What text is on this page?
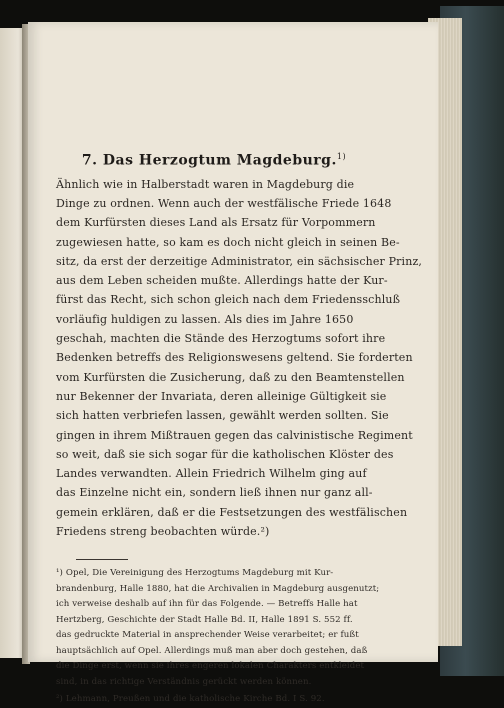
7. Das Herzogtum Magdeburg.$^{1)}$
Ähnlich wie in Halberstadt waren in Magdeburg die
Dinge zu ordnen. Wenn auch der westfälische Friede 1648
dem Kurfürsten dieses Land als Ersatz für Vorpommern
zugewiesen hatte, so kam es doch nicht gleich in seinen Be-
sitz, da erst der derzeitige Administrator, ein sächsischer Prinz,
aus dem Leben scheiden mußte. Allerdings hatte der Kur-
fürst das Recht, sich schon gleich nach dem Friedensschluß
vorläufig huldigen zu lassen. Als dies im Jahre 1650
geschah, machten die Stände des Herzogtums sofort ihre
Bedenken betreffs des Religionswesens geltend. Sie forderten
vom Kurfürsten die Zusicherung, daß zu den Beamtenstellen
nur Bekenner der Invariata, deren alleinige Gültigkeit sie
sich hatten verbriefen lassen, gewählt werden sollten. Sie
gingen in ihrem Mißtrauen gegen das calvinistische Regiment
so weit, daß sie sich sogar für die katholischen Klöster des
Landes verwandten. Allein Friedrich Wilhelm ging auf
das Einzelne nicht ein, sondern ließ ihnen nur ganz all-
gemein erklären, daß er die Festsetzungen des westfälischen
Friedens streng beobachten würde.²)
¹) Opel, Die Vereinigung des Herzogtums Magdeburg mit Kur-
brandenburg, Halle 1880, hat die Archivalien in Magdeburg ausgenutzt;
ich verweise deshalb auf ihn für das Folgende. — Betreffs Halle hat
Hertzberg, Geschichte der Stadt Halle Bd. II, Halle 1891 S. 552 ff.
das gedruckte Material in ansprechender Weise verarbeitet; er fußt
hauptsächlich auf Opel. Allerdings muß man aber doch gestehen, daß
die Dinge erst, wenn sie ihres engeren lokalen Charakters entkleidet
sind, in das richtige Verständnis gerückt werden können.
²) Lehmann, Preußen und die katholische Kirche Bd. I S. 92.
